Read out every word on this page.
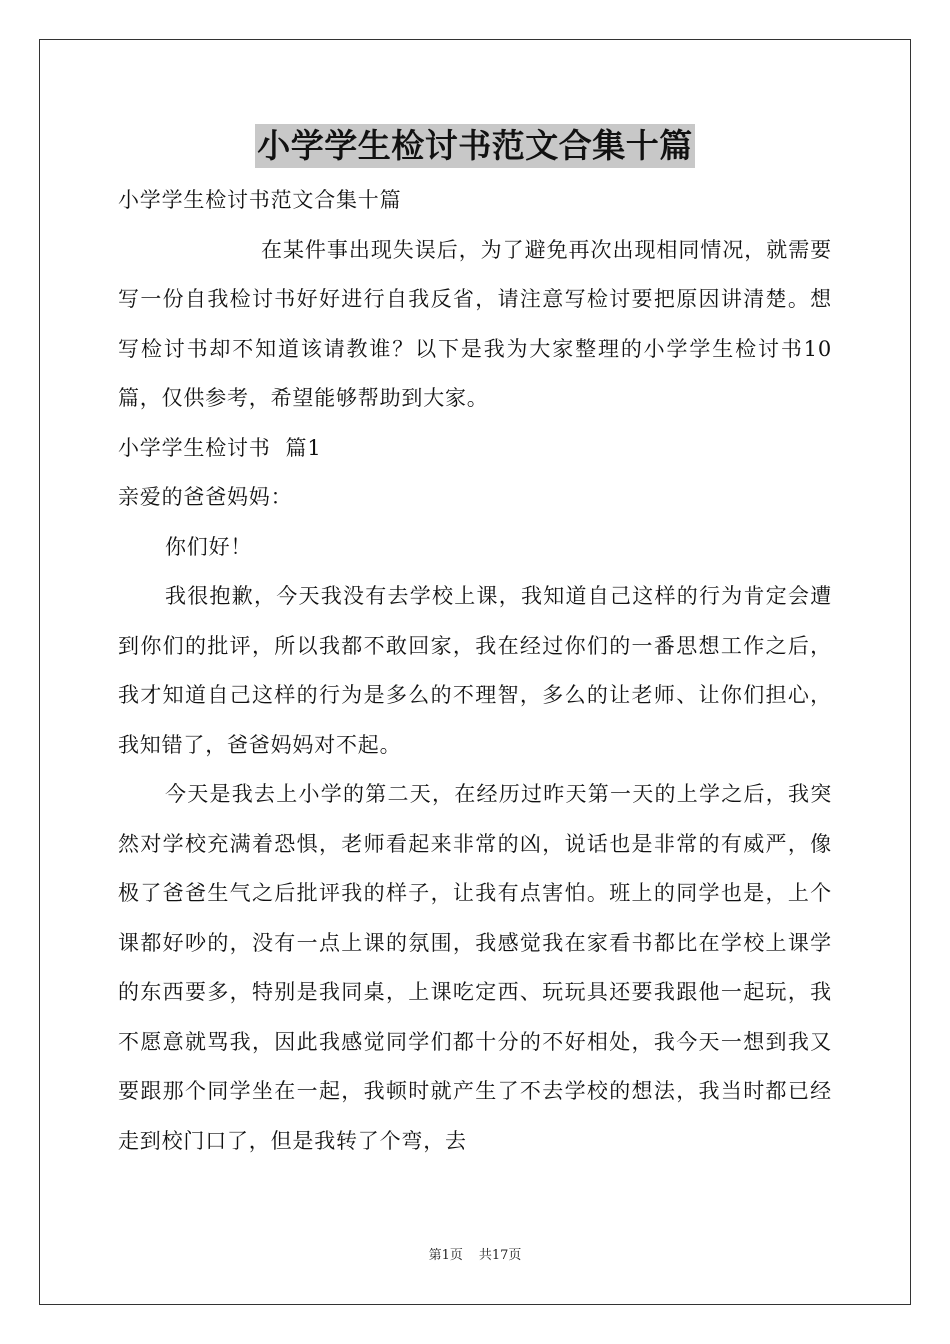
小学学生检讨书范文合集十篇

小学学生检讨书范文合集十篇

在某件事出现失误后，为了避免再次出现相同情况，就需要写一份自我检讨书好好进行自我反省，请注意写检讨要把原因讲清楚。想写检讨书却不知道该请教谁？以下是我为大家整理的小学学生检讨书10篇，仅供参考，希望能够帮助到大家。

小学学生检讨书  篇1

亲爱的爸爸妈妈：

你们好！

我很抱歉，今天我没有去学校上课，我知道自己这样的行为肯定会遭到你们的批评，所以我都不敢回家，我在经过你们的一番思想工作之后，我才知道自己这样的行为是多么的不理智，多么的让老师、让你们担心，我知错了，爸爸妈妈对不起。

今天是我去上小学的第二天，在经历过昨天第一天的上学之后，我突然对学校充满着恐惧，老师看起来非常的凶，说话也是非常的有威严，像极了爸爸生气之后批评我的样子，让我有点害怕。班上的同学也是，上个课都好吵的，没有一点上课的氛围，我感觉我在家看书都比在学校上课学的东西要多，特别是我同桌，上课吃定西、玩玩具还要我跟他一起玩，我不愿意就骂我，因此我感觉同学们都十分的不好相处，我今天一想到我又要跟那个同学坐在一起，我顿时就产生了不去学校的想法，我当时都已经走到校门口了，但是我转了个弯，去

第1页 共17页
